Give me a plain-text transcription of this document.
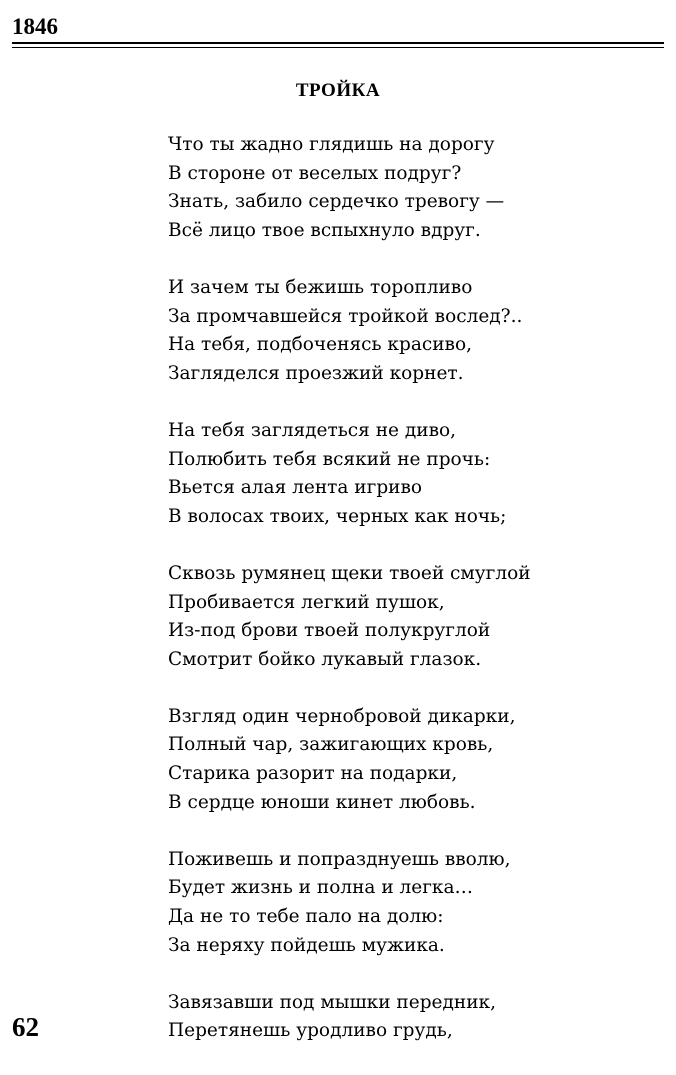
1846
ТРОЙКА
Что ты жадно глядишь на дорогу
В стороне от веселых подруг?
Знать, забило сердечко тревогу —
Всё лицо твое вспыхнуло вдруг.
И зачем ты бежишь торопливо
За промчавшейся тройкой вослед?..
На тебя, подбоченясь красиво,
Загляделся проезжий корнет.
На тебя заглядеться не диво,
Полюбить тебя всякий не прочь:
Вьется алая лента игриво
В волосах твоих, черных как ночь;
Сквозь румянец щеки твоей смуглой
Пробивается легкий пушок,
Из-под брови твоей полукруглой
Смотрит бойко лукавый глазок.
Взгляд один чернобровой дикарки,
Полный чар, зажигающих кровь,
Старика разорит на подарки,
В сердце юноши кинет любовь.
Поживешь и попразднуешь вволю,
Будет жизнь и полна и легка…
Да не то тебе пало на долю:
За неряху пойдешь мужика.
Завязавши под мышки передник,
Перетянешь уродливо грудь,
62
